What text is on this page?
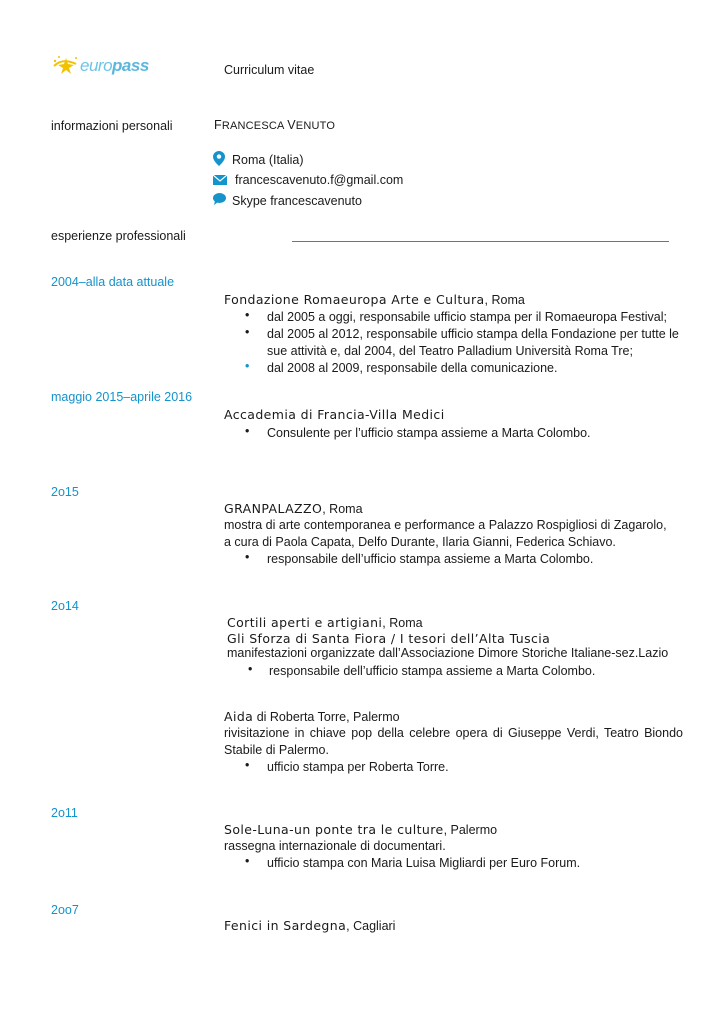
europass	Curriculum vitae
informazioni personali	FRANCESCA VENUTO
Roma (Italia)
francescavenuto.f@gmail.com
Skype francescavenuto
esperienze professionali
2004–alla data attuale
Fondazione Romaeuropa Arte e Cultura, Roma
• dal 2005 a oggi, responsabile ufficio stampa per il Romaeuropa Festival;
• dal 2005 al 2012, responsabile ufficio stampa della Fondazione per tutte le
sue attività e, dal 2004, del Teatro Palladium Università Roma Tre;
• dal 2008 al 2009, responsabile della comunicazione.
maggio 2015–aprile 2016
Accademia di Francia-Villa Medici
• Consulente per l’ufficio stampa assieme a Marta Colombo.
2o15
GRANPALAZZO, Roma
mostra di arte contemporanea e performance a Palazzo Rospigliosi di Zagarolo,
a cura di Paola Capata, Delfo Durante, Ilaria Gianni, Federica Schiavo.
• responsabile dell’ufficio stampa assieme a Marta Colombo.
2o14
Cortili aperti e artigiani, Roma
Gli Sforza di Santa Fiora / I tesori dell’Alta Tuscia
manifestazioni organizzate dall’Associazione Dimore Storiche Italiane-sez.Lazio
• responsabile dell’ufficio stampa assieme a Marta Colombo.
Aida di Roberta Torre, Palermo
rivisitazione in chiave pop della celebre opera di Giuseppe Verdi, Teatro Biondo
Stabile di Palermo.
• ufficio stampa per Roberta Torre.
2o11
Sole-Luna-un ponte tra le culture, Palermo
rassegna internazionale di documentari.
• ufficio stampa con Maria Luisa Migliardi per Euro Forum.
2oo7
Fenici in Sardegna, Cagliari
